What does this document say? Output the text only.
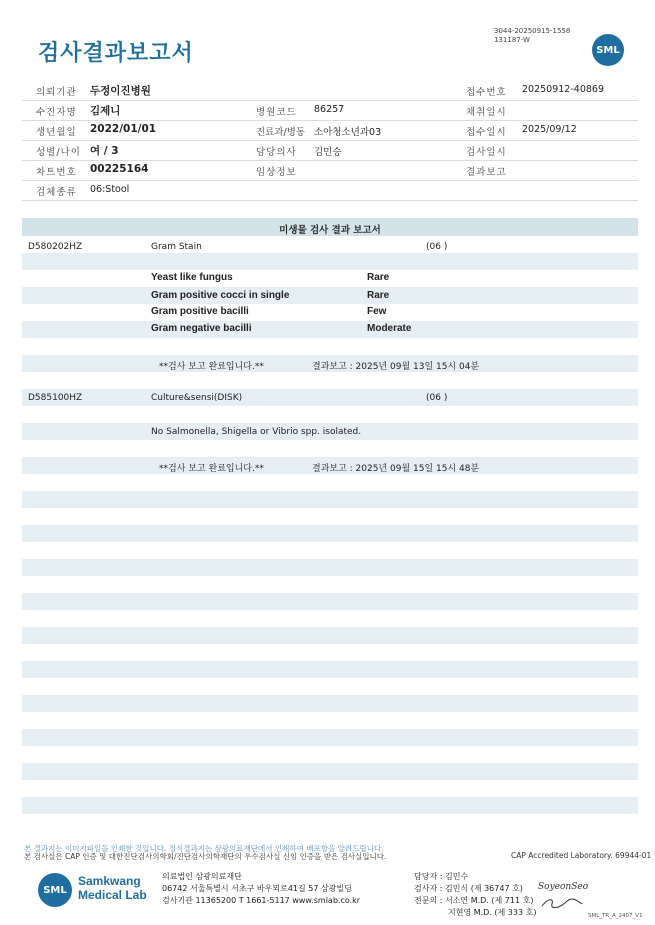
검사결과보고서
3044-20250915-1558
131187-W
SML
의뢰기관 두정이진병원	접수번호 20250912-40869
수진자명 김제니	병원코드 86257	채취일시
생년월일 2022/01/01	진료과/병동 소아청소년과03	접수일시 2025/09/12
성별/나이 여 / 3	담당의사 김민승	검사일시
차트번호 00225164	임상정보	결과보고
검체종류 06:Stool
미생물 검사 결과 보고서
D580202HZ	Gram Stain	(06 )
Yeast like fungus	Rare
Gram positive cocci in single	Rare
Gram positive bacilli	Few
Gram negative bacilli	Moderate
**검사 보고 완료입니다.**	결과보고 : 2025년 09월 13일 15시 04분
D585100HZ	Culture&sensi(DISK)	(06 )
No Salmonella, Shigella or Vibrio spp. isolated.
**검사 보고 완료입니다.**	결과보고 : 2025년 09월 15일 15시 48분
본 결과지는 이미지파일을 인쇄한 것입니다. 정식결과지는 삼광의료재단에서 인쇄하여 배포함을 알려드립니다.
본 검사실은 CAP 인증 및 대한진단검사의학회/진단검사의학재단의 우수검사실 신임 인증을 받은 검사실입니다.	CAP Accredited Laboratory. 69944-01
SML
Samkwang
Medical Lab
의료법인 삼광의료재단
06742 서울특별시 서초구 바우뫼로41길 57 삼광빌딩
검사기관 11365200 T 1661-5117 www.smlab.co.kr
담당자 : 김민수
검사자 : 김민식 (제 36747 호)
전문의 : 서소연 M.D. (제 711 호)
지현영 M.D. (제 333 호)
SoyeonSeo
SML_TR_A_2407_V1
